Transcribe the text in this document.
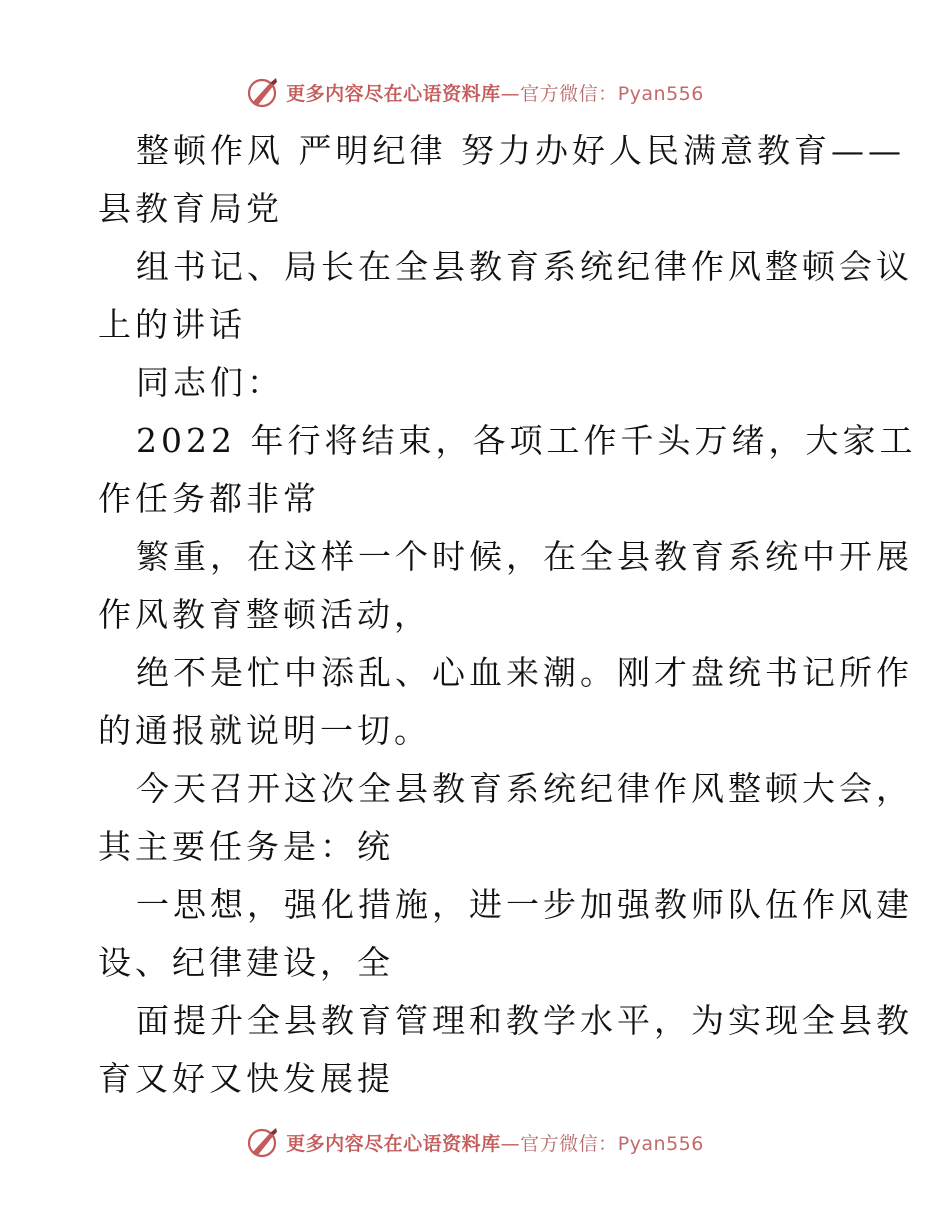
更多内容尽在心语资料库—官方微信：Pyan556

整顿作风 严明纪律 努力办好人民满意教育——
县教育局党

组书记、局长在全县教育系统纪律作风整顿会议
上的讲话

同志们：

2022 年行将结束，各项工作千头万绪，大家工
作任务都非常

繁重，在这样一个时候，在全县教育系统中开展
作风教育整顿活动，

绝不是忙中添乱、心血来潮。刚才盘统书记所作
的通报就说明一切。

今天召开这次全县教育系统纪律作风整顿大会，
其主要任务是：统

一思想，强化措施，进一步加强教师队伍作风建
设、纪律建设，全

面提升全县教育管理和教学水平，为实现全县教
育又好又快发展提

更多内容尽在心语资料库—官方微信：Pyan556
